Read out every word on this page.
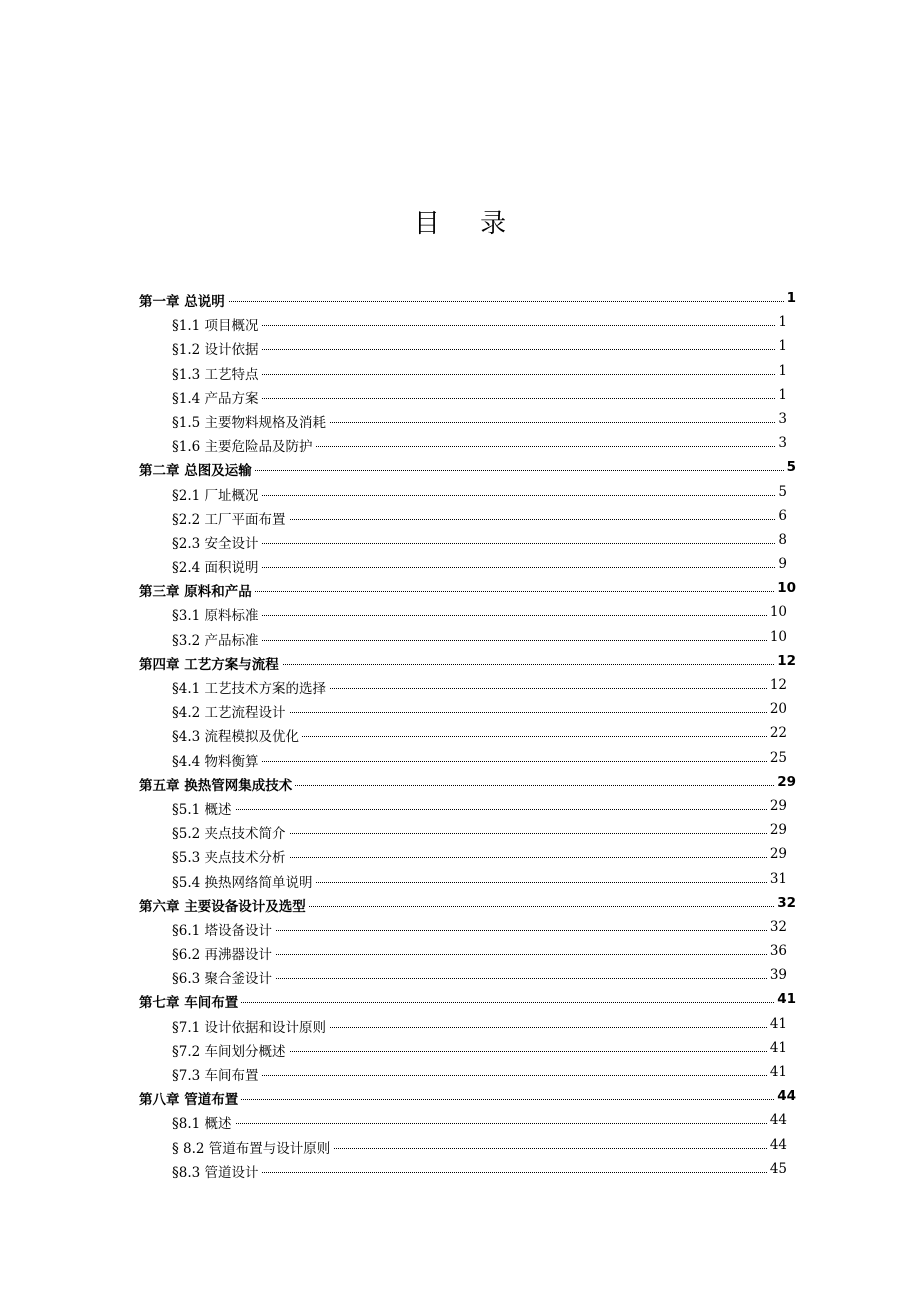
目 录
第一章 总说明	1
§1.1 项目概况	1
§1.2 设计依据	1
§1.3 工艺特点	1
§1.4 产品方案	1
§1.5 主要物料规格及消耗	3
§1.6 主要危险品及防护	3
第二章 总图及运输	5
§2.1 厂址概况	5
§2.2 工厂平面布置	6
§2.3 安全设计	8
§2.4 面积说明	9
第三章 原料和产品	10
§3.1 原料标准	10
§3.2 产品标准	10
第四章 工艺方案与流程	12
§4.1 工艺技术方案的选择	12
§4.2 工艺流程设计	20
§4.3 流程模拟及优化	22
§4.4 物料衡算	25
第五章 换热管网集成技术	29
§5.1 概述	29
§5.2 夹点技术简介	29
§5.3 夹点技术分析	29
§5.4 换热网络简单说明	31
第六章 主要设备设计及选型	32
§6.1 塔设备设计	32
§6.2 再沸器设计	36
§6.3 聚合釜设计	39
第七章 车间布置	41
§7.1 设计依据和设计原则	41
§7.2 车间划分概述	41
§7.3 车间布置	41
第八章 管道布置	44
§8.1 概述	44
§ 8.2 管道布置与设计原则	44
§8.3 管道设计	45
